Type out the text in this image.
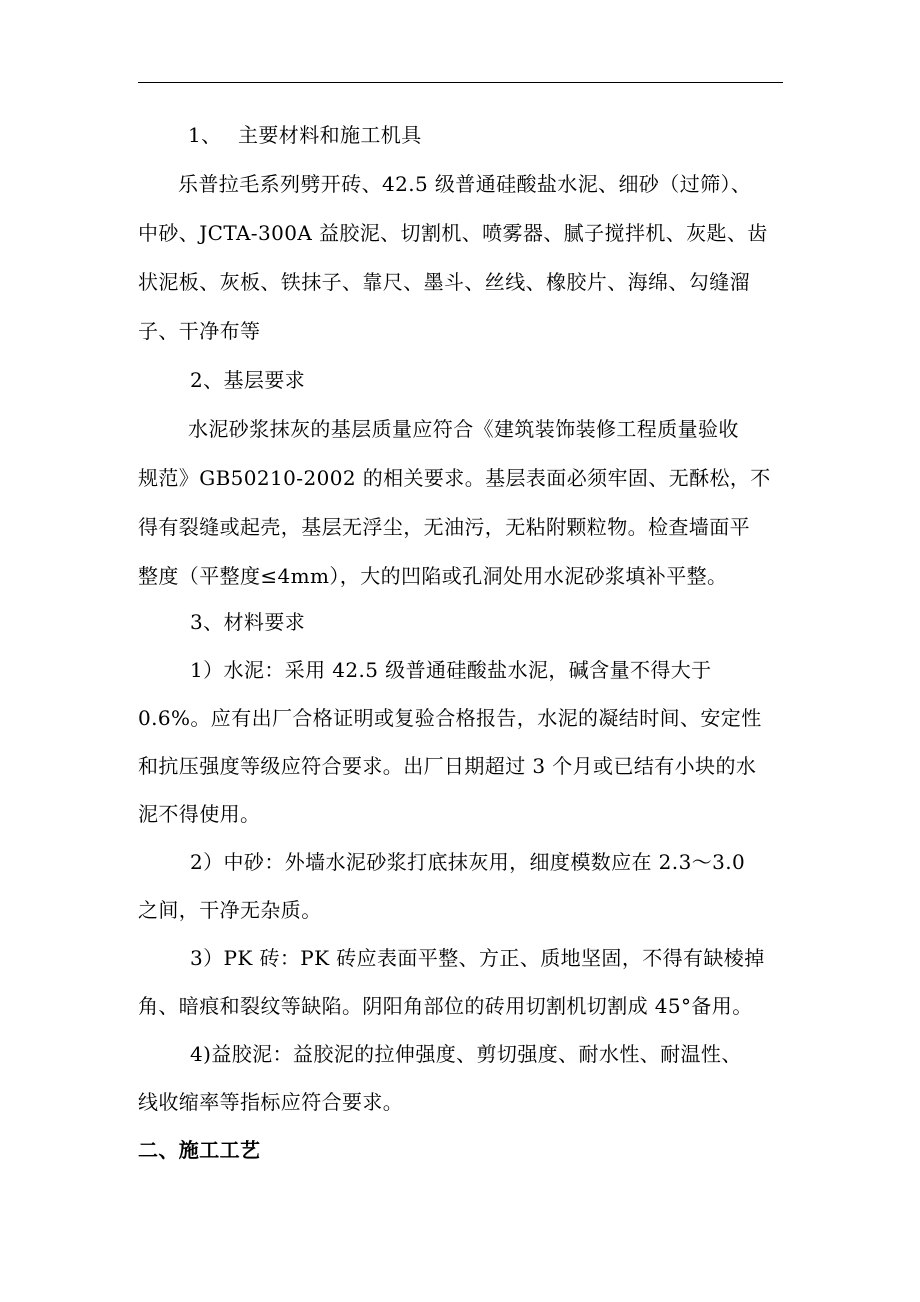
1、 主要材料和施工机具
乐普拉毛系列劈开砖、42.5 级普通硅酸盐水泥、细砂（过筛）、
中砂、JCTA-300A 益胶泥、切割机、喷雾器、腻子搅拌机、灰匙、齿
状泥板、灰板、铁抹子、靠尺、墨斗、丝线、橡胶片、海绵、勾缝溜
子、干净布等
2、基层要求
水泥砂浆抹灰的基层质量应符合《建筑装饰装修工程质量验收
规范》GB50210-2002 的相关要求。基层表面必须牢固、无酥松，不
得有裂缝或起壳，基层无浮尘，无油污，无粘附颗粒物。检查墙面平
整度（平整度≤4mm），大的凹陷或孔洞处用水泥砂浆填补平整。
3、材料要求
1）水泥：采用 42.5 级普通硅酸盐水泥，碱含量不得大于
0.6%。应有出厂合格证明或复验合格报告，水泥的凝结时间、安定性
和抗压强度等级应符合要求。出厂日期超过 3 个月或已结有小块的水
泥不得使用。
2）中砂：外墙水泥砂浆打底抹灰用，细度模数应在 2.3～3.0
之间，干净无杂质。
3）PK 砖：PK 砖应表面平整、方正、质地坚固，不得有缺棱掉
角、暗痕和裂纹等缺陷。阴阳角部位的砖用切割机切割成 45°备用。
4)益胶泥：益胶泥的拉伸强度、剪切强度、耐水性、耐温性、
线收缩率等指标应符合要求。
二、施工工艺
